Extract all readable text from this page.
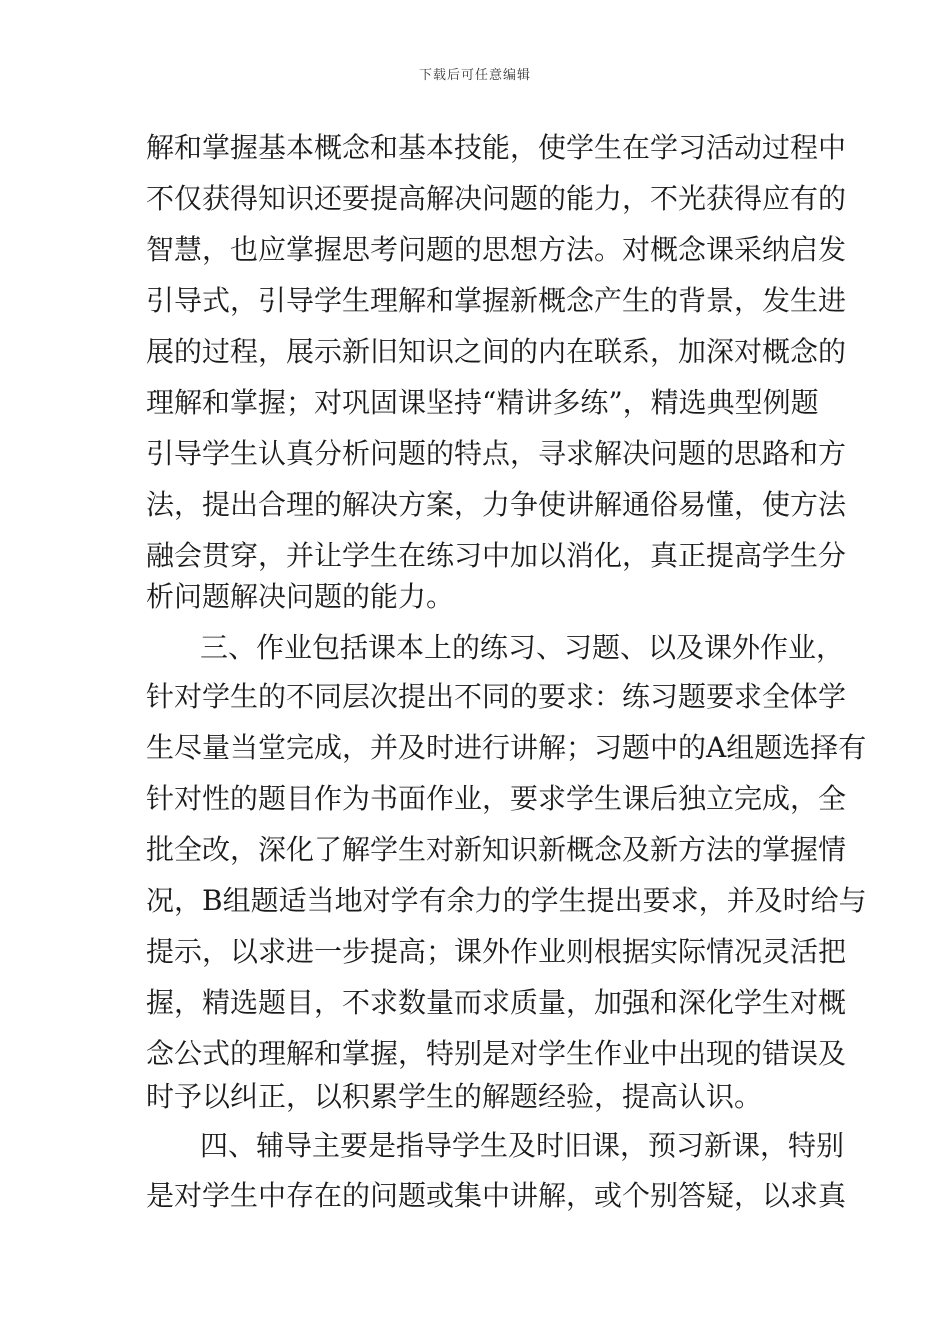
下载后可任意编辑
解和掌握基本概念和基本技能，使学生在学习活动过程中
不仅获得知识还要提高解决问题的能力，不光获得应有的
智慧，也应掌握思考问题的思想方法。对概念课采纳启发
引导式，引导学生理解和掌握新概念产生的背景，发生进
展的过程，展示新旧知识之间的内在联系，加深对概念的
理解和掌握；对巩固课坚持“精讲多练”，精选典型例题
引导学生认真分析问题的特点，寻求解决问题的思路和方
法，提出合理的解决方案，力争使讲解通俗易懂，使方法
融会贯穿，并让学生在练习中加以消化，真正提高学生分
析问题解决问题的能力。
三、作业包括课本上的练习、习题、以及课外作业，
针对学生的不同层次提出不同的要求：练习题要求全体学
生尽量当堂完成，并及时进行讲解；习题中的A组题选择有
针对性的题目作为书面作业，要求学生课后独立完成，全
批全改，深化了解学生对新知识新概念及新方法的掌握情
况，B组题适当地对学有余力的学生提出要求，并及时给与
提示，以求进一步提高；课外作业则根据实际情况灵活把
握，精选题目，不求数量而求质量，加强和深化学生对概
念公式的理解和掌握，特别是对学生作业中出现的错误及
时予以纠正，以积累学生的解题经验，提高认识。
四、辅导主要是指导学生及时旧课，预习新课，特别
是对学生中存在的问题或集中讲解，或个别答疑，以求真
